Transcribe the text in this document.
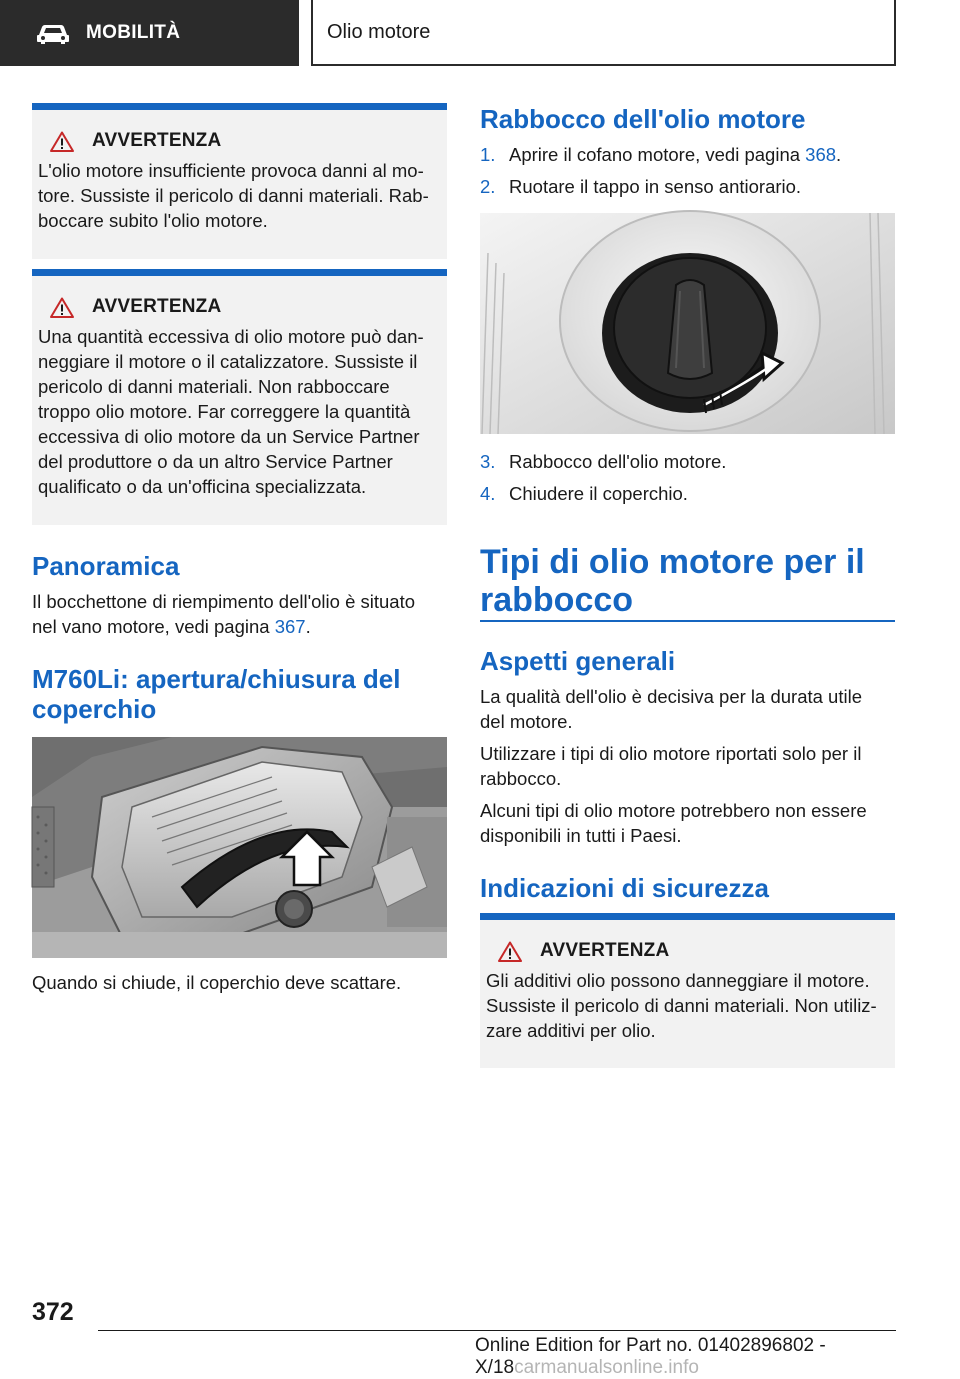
MOBILITÀ	Olio motore
AVVERTENZA
L'olio motore insufficiente provoca danni al mo-
tore. Sussiste il pericolo di danni materiali. Rab-
boccare subito l'olio motore.
AVVERTENZA
Una quantità eccessiva di olio motore può dan-
neggiare il motore o il catalizzatore. Sussiste il
pericolo di danni materiali. Non rabboccare
troppo olio motore. Far correggere la quantità
eccessiva di olio motore da un Service Partner
del produttore o da un altro Service Partner
qualificato o da un'officina specializzata.
Panoramica
Il bocchettone di riempimento dell'olio è situato
nel vano motore, vedi pagina 367.
M760Li: apertura/chiusura del
coperchio
Quando si chiude, il coperchio deve scattare.
Rabbocco dell'olio motore
1. Aprire il cofano motore, vedi pagina 368.
2. Ruotare il tappo in senso antiorario.
3. Rabbocco dell'olio motore.
4. Chiudere il coperchio.
Tipi di olio motore per il
rabbocco
Aspetti generali
La qualità dell'olio è decisiva per la durata utile
del motore.
Utilizzare i tipi di olio motore riportati solo per il
rabbocco.
Alcuni tipi di olio motore potrebbero non essere
disponibili in tutti i Paesi.
Indicazioni di sicurezza
AVVERTENZA
Gli additivi olio possono danneggiare il motore.
Sussiste il pericolo di danni materiali. Non utiliz-
zare additivi per olio.
372
Online Edition for Part no. 01402896802 - X/18carmanualsonline.info
